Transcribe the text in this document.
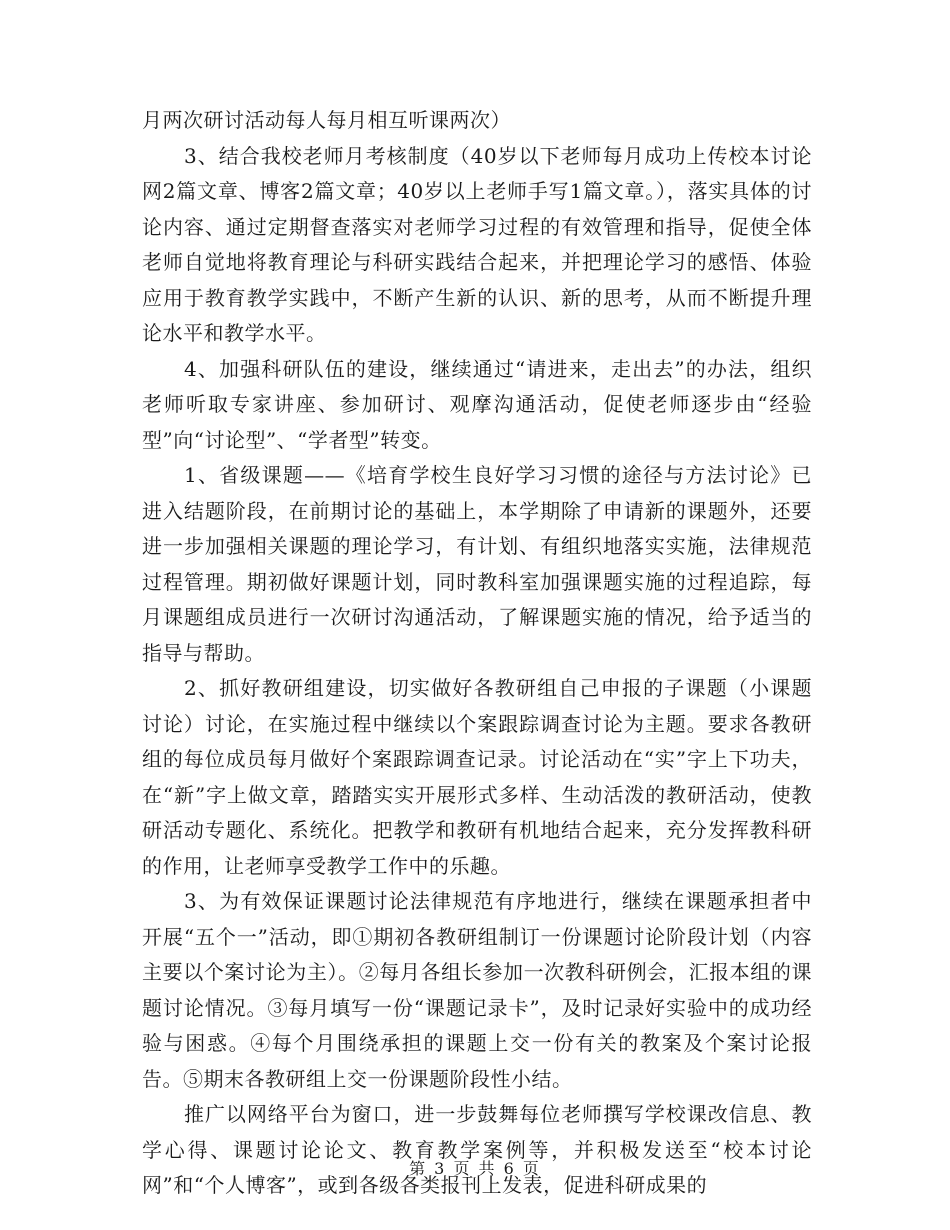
月两次研讨活动每人每月相互听课两次）

3、结合我校老师月考核制度（40岁以下老师每月成功上传校本讨论网2篇文章、博客2篇文章；40岁以上老师手写1篇文章。），落实具体的讨论内容、通过定期督查落实对老师学习过程的有效管理和指导，促使全体老师自觉地将教育理论与科研实践结合起来，并把理论学习的感悟、体验应用于教育教学实践中，不断产生新的认识、新的思考，从而不断提升理论水平和教学水平。

4、加强科研队伍的建设，继续通过“请进来，走出去”的办法，组织老师听取专家讲座、参加研讨、观摩沟通活动，促使老师逐步由“经验型”向“讨论型”、“学者型”转变。

1、省级课题——《培育学校生良好学习习惯的途径与方法讨论》已进入结题阶段，在前期讨论的基础上，本学期除了申请新的课题外，还要进一步加强相关课题的理论学习，有计划、有组织地落实实施，法律规范过程管理。期初做好课题计划，同时教科室加强课题实施的过程追踪，每月课题组成员进行一次研讨沟通活动，了解课题实施的情况，给予适当的指导与帮助。

2、抓好教研组建设，切实做好各教研组自己申报的子课题（小课题讨论）讨论，在实施过程中继续以个案跟踪调查讨论为主题。要求各教研组的每位成员每月做好个案跟踪调查记录。讨论活动在“实”字上下功夫，在“新”字上做文章，踏踏实实开展形式多样、生动活泼的教研活动，使教研活动专题化、系统化。把教学和教研有机地结合起来，充分发挥教科研的作用，让老师享受教学工作中的乐趣。

3、为有效保证课题讨论法律规范有序地进行，继续在课题承担者中开展“五个一”活动，即①期初各教研组制订一份课题讨论阶段计划（内容主要以个案讨论为主）。②每月各组长参加一次教科研例会，汇报本组的课题讨论情况。③每月填写一份“课题记录卡”，及时记录好实验中的成功经验与困惑。④每个月围绕承担的课题上交一份有关的教案及个案讨论报告。⑤期末各教研组上交一份课题阶段性小结。

推广以网络平台为窗口，进一步鼓舞每位老师撰写学校课改信息、教学心得、课题讨论论文、教育教学案例等，并积极发送至“校本讨论网”和“个人博客”，或到各级各类报刊上发表，促进科研成果的

第 3 页 共 6 页
